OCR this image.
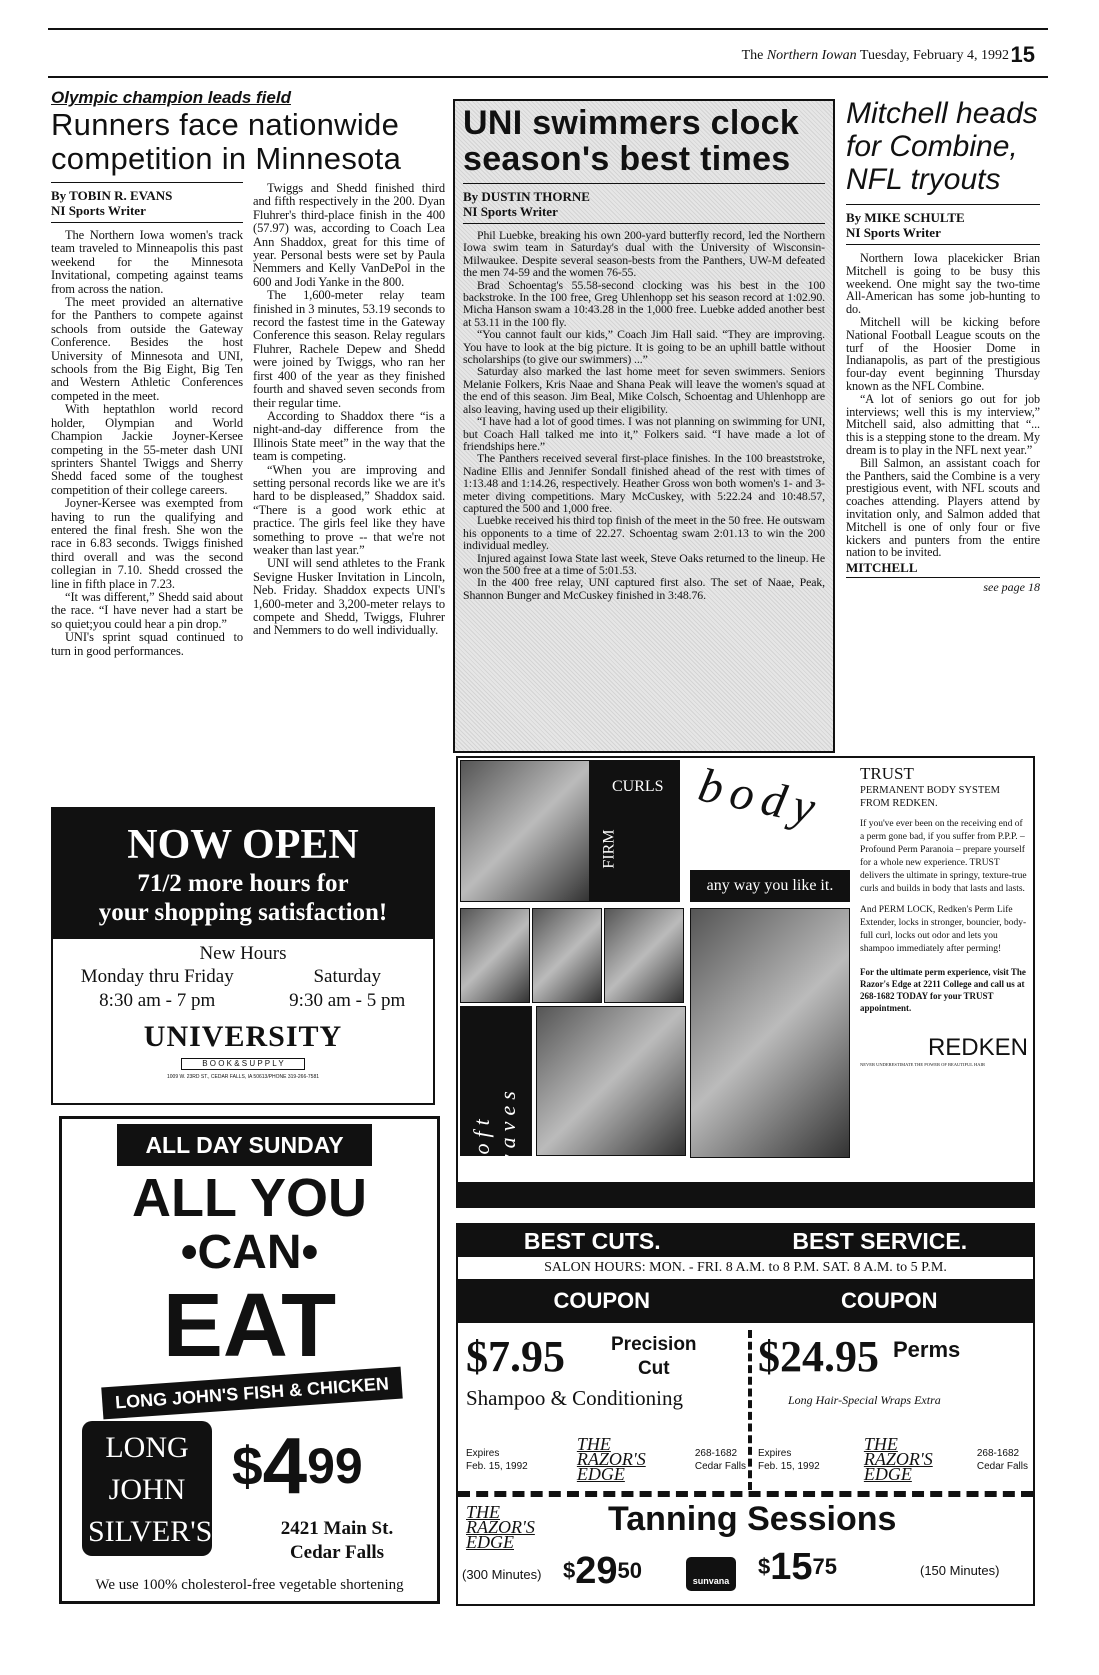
The Northern Iowan Tuesday, February 4, 1992 15
Olympic champion leads field
Runners face nationwide competition in Minnesota
By TOBIN R. EVANS
NI Sports Writer

The Northern Iowa women's track team traveled to Minneapolis this past weekend for the Minnesota Invitational, competing against teams from across the nation.

The meet provided an alternative for the Panthers to compete against schools from outside the Gateway Conference. Besides the host University of Minnesota and UNI, schools from the Big Eight, Big Ten and Western Athletic Conferences competed in the meet.

With heptathlon world record holder, Olympian and World Champion Jackie Joyner-Kersee competing in the 55-meter dash UNI sprinters Shantel Twiggs and Sherry Shedd faced some of the toughest competition of their college careers.

Joyner-Kersee was exempted from having to run the qualifying and entered the final fresh. She won the race in 6.83 seconds. Twiggs finished third overall and was the second collegian in 7.10. Shedd crossed the line in fifth place in 7.23.

“It was different,” Shedd said about the race. “I have never had a start be so quiet;you could hear a pin drop.”

UNI's sprint squad continued to turn in good performances.

Twiggs and Shedd finished third and fifth respectively in the 200. Dyan Fluhrer's third-place finish in the 400 (57.97) was, according to Coach Lea Ann Shaddox, great for this time of year. Personal bests were set by Paula Nemmers and Kelly VanDePol in the 600 and Jodi Yanke in the 800.

The 1,600-meter relay team finished in 3 minutes, 53.19 seconds to record the fastest time in the Gateway Conference this season. Relay regulars Fluhrer, Rachele Depew and Shedd were joined by Twiggs, who ran her first 400 of the year as they finished fourth and shaved seven seconds from their regular time.

According to Shaddox there “is a night-and-day difference from the Illinois State meet” in the way that the team is competing.

“When you are improving and setting personal records like we are it's hard to be displeased,” Shaddox said. “There is a good work ethic at practice. The girls feel like they have something to prove -- that we're not weaker than last year.”

UNI will send athletes to the Frank Sevigne Husker Invitation in Lincoln, Neb. Friday. Shaddox expects UNI's 1,600-meter and 3,200-meter relays to compete and Shedd, Twiggs, Fluhrer and Nemmers to do well individually.

UNI swimmers clock season's best times
By DUSTIN THORNE
NI Sports Writer

Phil Luebke, breaking his own 200-yard butterfly record, led the Northern Iowa swim team in Saturday's dual with the University of Wisconsin-Milwaukee. Despite several season-bests from the Panthers, UW-M defeated the men 74-59 and the women 76-55.

Brad Schoentag's 55.58-second clocking was his best in the 100 backstroke. In the 100 free, Greg Uhlenhopp set his season record at 1:02.90. Micha Hanson swam a 10:43.28 in the 1,000 free. Luebke added another best at 53.11 in the 100 fly.

“You cannot fault our kids,” Coach Jim Hall said. “They are improving. You have to look at the big picture. It is going to be an uphill battle without scholarships (to give our swimmers) ...”

Saturday also marked the last home meet for seven swimmers. Seniors Melanie Folkers, Kris Naae and Shana Peak will leave the women's squad at the end of this season. Jim Beal, Mike Colsch, Schoentag and Uhlenhopp are also leaving, having used up their eligibility.

“I have had a lot of good times. I was not planning on swimming for UNI, but Coach Hall talked me into it,” Folkers said. “I have made a lot of friendships here.”

The Panthers received several first-place finishes. In the 100 breaststroke, Nadine Ellis and Jennifer Sondall finished ahead of the rest with times of 1:13.48 and 1:14.26, respectively. Heather Gross won both women's 1- and 3-meter diving competitions. Mary McCuskey, with 5:22.24 and 10:48.57, captured the 500 and 1,000 free.

Luebke received his third top finish of the meet in the 50 free. He outswam his opponents to a time of 22.27. Schoentag swam 2:01.13 to win the 200 individual medley.

Injured against Iowa State last week, Steve Oaks returned to the lineup. He won the 500 free at a time of 5:01.53.

In the 400 free relay, UNI captured first also. The set of Naae, Peak, Shannon Bunger and McCuskey finished in 3:48.76.

Mitchell heads for Combine, NFL tryouts
By MIKE SCHULTE
NI Sports Writer

Northern Iowa placekicker Brian Mitchell is going to be busy this weekend. One might say the two-time All-American has some job-hunting to do.

Mitchell will be kicking before National Football League scouts on the turf of the Hoosier Dome in Indianapolis, as part of the prestigious four-day event beginning Thursday known as the NFL Combine.

“A lot of seniors go out for job interviews; well this is my interview,” Mitchell said, also admitting that “... this is a stepping stone to the dream. My dream is to play in the NFL next year.”

Bill Salmon, an assistant coach for the Panthers, said the Combine is a very prestigious event, with NFL scouts and coaches attending. Players attend by invitation only, and Salmon added that Mitchell is one of only four or five kickers and punters from the entire nation to be invited.

MITCHELL
see page 18
NOW OPEN
71/2 more hours for
your shopping satisfaction!
New Hours
Monday thru Friday
8:30 am - 7 pm
Saturday
9:30 am - 5 pm
UNIVERSITY
B O O K & S U P P L Y
1009 W. 23RD ST., CEDAR FALLS, IA 50613/PHONE 319-266-7581
ALL DAY SUNDAY
ALL YOU
•CAN•
EAT
LONG JOHN'S FISH & CHICKEN
LONG JOHN SILVER'S
$^{\$}4^{99}$
2421 Main St.
Cedar Falls
We use 100% cholesterol-free vegetable shortening
CURLS
FIRM
body
any way you like it.
soft waves
TRUST
PERMANENT BODY SYSTEM FROM REDKEN.

If you've ever been on the receiving end of a perm gone bad, if you suffer from P.P.P. – Profound Perm Paranoia – prepare yourself for a whole new experience. TRUST delivers the ultimate in springy, texture-true curls and builds in body that lasts and lasts.

And PERM LOCK, Redken's Perm Life Extender, locks in stronger, bouncier, body-full curl, locks out odor and lets you shampoo immediately after perming!

For the ultimate perm experience, visit The Razor's Edge at 2211 College and call us at 268-1682 TODAY for your TRUST appointment.

REDKEN
NEVER UNDERESTIMATE THE POWER OF BEAUTIFUL HAIR
BEST CUTS.	BEST SERVICE.
SALON HOURS: MON. - FRI. 8 A.M. to 8 P.M. SAT. 8 A.M. to 5 P.M.
COUPON	COUPON
$7.95	Precision
Cut
Shampoo & Conditioning
$24.95 Perms
Long Hair-Special Wraps Extra
Expires
Feb. 15, 1992
THE
RAZOR'S
EDGE
268-1682
Cedar Falls
Expires
Feb. 15, 1992
THE
RAZOR'S
EDGE
268-1682
Cedar Falls
THE
RAZOR'S
EDGE
Tanning Sessions
(300 Minutes) $^{\$}29^{50}$	sunvana
$^{\$}15^{75}$	(150 Minutes)
